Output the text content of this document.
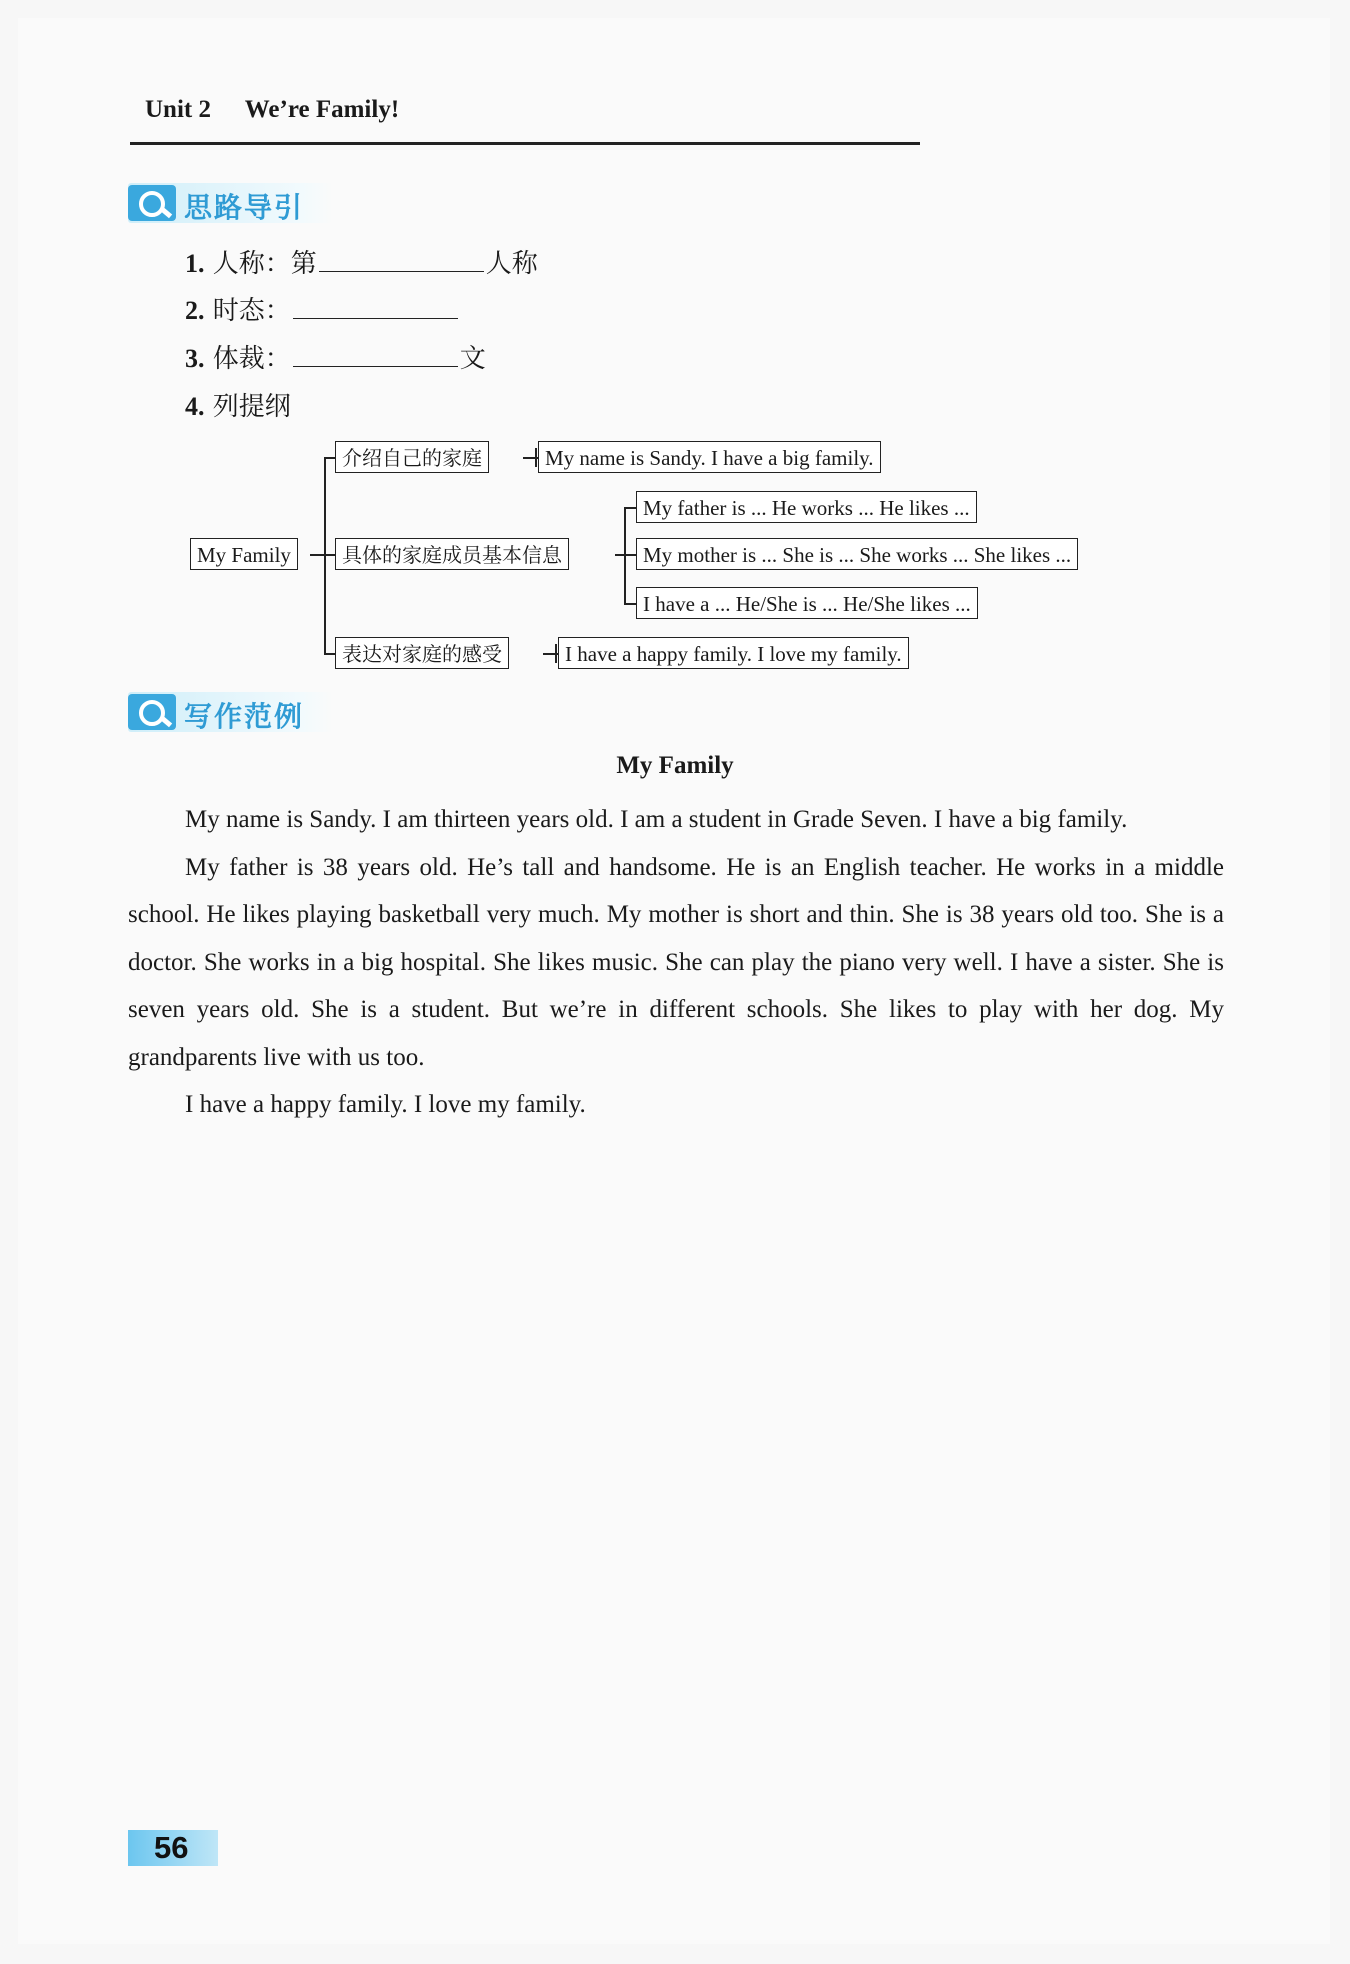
Unit 2 We’re Family!
思路导引
1. 人称：第	人称
2. 时态：
3. 体裁：	文
4. 列提纲
My Family
介绍自己的家庭	My name is Sandy. I have a big family.
具体的家庭成员基本信息
My father is ... He works ... He likes ...
My mother is ... She is ... She works ... She likes ...
I have a ... He/She is ... He/She likes ...
表达对家庭的感受	I have a happy family. I love my family.
写作范例
My Family

My name is Sandy. I am thirteen years old. I am a student in Grade Seven. I have a big family.

My father is 38 years old. He’s tall and handsome. He is an English teacher. He works in a middle school. He likes playing basketball very much. My mother is short and thin. She is 38 years old too. She is a doctor. She works in a big hospital. She likes music. She can play the piano very well. I have a sister. She is seven years old. She is a student. But we’re in different schools. She likes to play with her dog. My grandparents live with us too.

I have a happy family. I love my family.

56
